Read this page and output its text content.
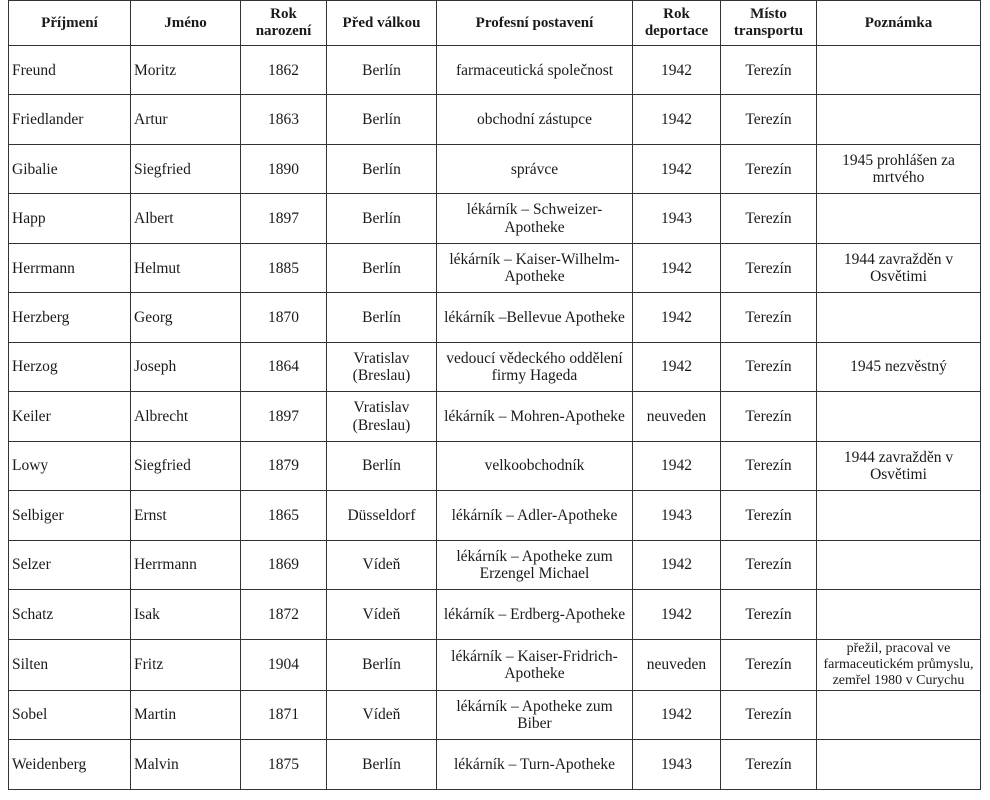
Příjmení	Jméno	Rok narození	Před válkou	Profesní postavení	Rok deportace	Místo transportu	Poznámka
Freund	Moritz	1862	Berlín	farmaceutická společnost	1942	Terezín	
Friedlander	Artur	1863	Berlín	obchodní zástupce	1942	Terezín	
Gibalie	Siegfried	1890	Berlín	správce	1942	Terezín	1945 prohlášen za mrtvého
Happ	Albert	1897	Berlín	lékárník – Schweizer-Apotheke	1943	Terezín	
Herrmann	Helmut	1885	Berlín	lékárník – Kaiser-Wilhelm-Apotheke	1942	Terezín	1944 zavražděn v Osvětimi
Herzberg	Georg	1870	Berlín	lékárník –Bellevue Apotheke	1942	Terezín	
Herzog	Joseph	1864	Vratislav (Breslau)	vedoucí vědeckého oddělení firmy Hageda	1942	Terezín	1945 nezvěstný
Keiler	Albrecht	1897	Vratislav (Breslau)	lékárník – Mohren-Apotheke	neuveden	Terezín	
Lowy	Siegfried	1879	Berlín	velkoobchodník	1942	Terezín	1944 zavražděn v Osvětimi
Selbiger	Ernst	1865	Düsseldorf	lékárník – Adler-Apotheke	1943	Terezín	
Selzer	Herrmann	1869	Vídeň	lékárník – Apotheke zum Erzengel Michael	1942	Terezín	
Schatz	Isak	1872	Vídeň	lékárník – Erdberg-Apotheke	1942	Terezín	
Silten	Fritz	1904	Berlín	lékárník – Kaiser-Fridrich-Apotheke	neuveden	Terezín	přežil, pracoval ve farmaceutickém průmyslu, zemřel 1980 v Curychu
Sobel	Martin	1871	Vídeň	lékárník – Apotheke zum Biber	1942	Terezín	
Weidenberg	Malvin	1875	Berlín	lékárník – Turn-Apotheke	1943	Terezín	
